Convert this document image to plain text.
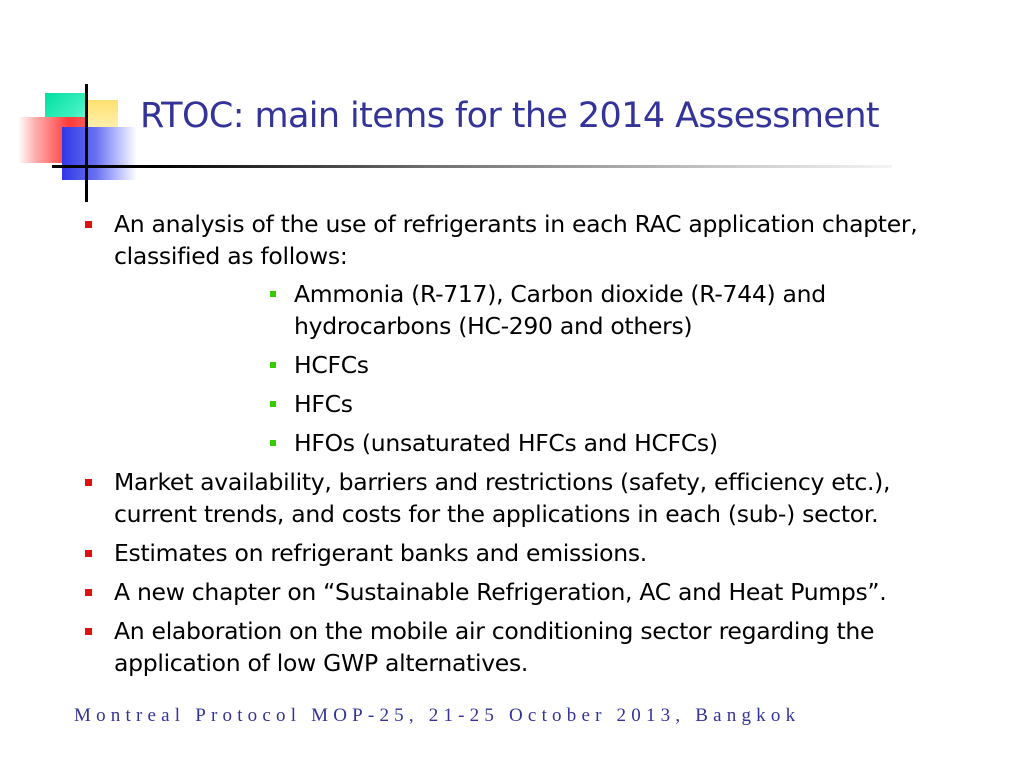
RTOC: main items for the 2014 Assessment
An analysis of the use of refrigerants in each RAC application chapter, classified as follows:
Ammonia (R-717), Carbon dioxide (R-744) and hydrocarbons (HC-290 and others)
HCFCs
HFCs
HFOs (unsaturated HFCs and HCFCs)
Market availability, barriers and restrictions (safety, efficiency etc.), current trends, and costs for the applications in each (sub-) sector.
Estimates on refrigerant banks and emissions.
A new chapter on “Sustainable Refrigeration, AC and Heat Pumps”.
An elaboration on the mobile air conditioning sector regarding the application of low GWP alternatives.
Montreal Protocol MOP-25, 21-25 October 2013, Bangkok
